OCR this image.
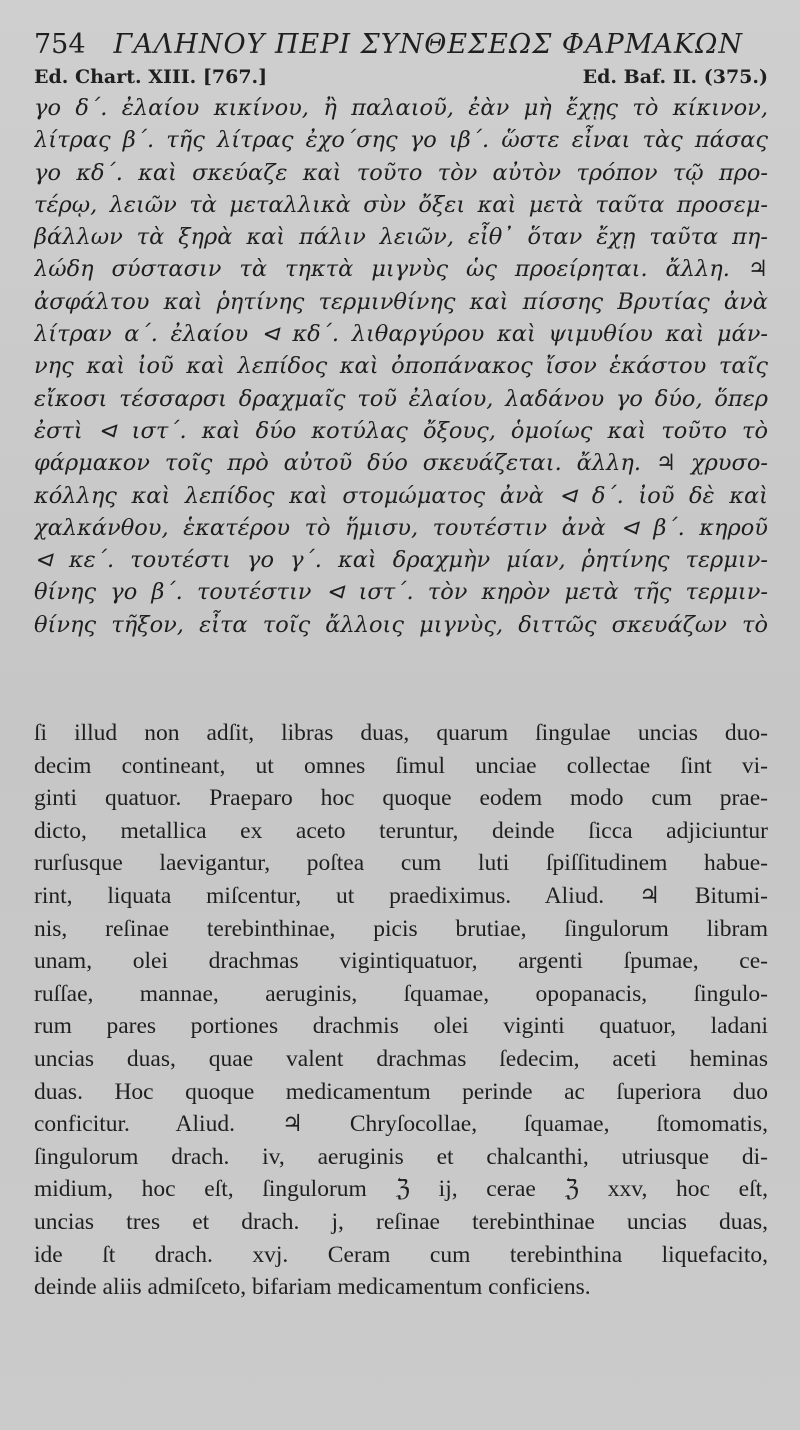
754 ΓΑΛΗΝΟΥ ΠΕΡΙ ΣΥΝΘΕΣΕΩΣ ΦΑΡΜΑΚΩΝ
Ed. Chart. XIII. [767.]	Ed. Baf. II. (375.)
γο δ΄. ἐλαίου κικίνου, ἢ παλαιοῦ, ἐὰν μὴ ἔχῃς τὸ κίκινον,
λίτρας β΄. τῆς λίτρας ἐχο΄σης γο ιβ΄. ὥστε εἶναι τὰς πάσας
γο κδ΄. καὶ σκεύαζε καὶ τοῦτο τὸν αὐτὸν τρόπον τῷ προ-
τέρῳ, λειῶν τὰ μεταλλικὰ σὺν ὄξει καὶ μετὰ ταῦτα προσεμ-
βάλλων τὰ ξηρὰ καὶ πάλιν λειῶν, εἶθ᾽ ὅταν ἔχῃ ταῦτα πη-
λώδη σύστασιν τὰ τηκτὰ μιγνὺς ὡς προείρηται. ἄλλη. ♃
ἀσφάλτου καὶ ῥητίνης τερμινθίνης καὶ πίσσης Βρυτίας ἀνὰ
λίτραν α΄. ἐλαίου ⊲ κδ΄. λιθαργύρου καὶ ψιμυθίου καὶ μάν-
νης καὶ ἰοῦ καὶ λεπίδος καὶ ὀποπάνακος ἴσον ἑκάστου ταῖς
εἴκοσι τέσσαρσι δραχμαῖς τοῦ ἐλαίου, λαδάνου γο δύο, ὅπερ
ἐστὶ ⊲ ιστ΄. καὶ δύο κοτύλας ὄξους, ὁμοίως καὶ τοῦτο τὸ
φάρμακον τοῖς πρὸ αὐτοῦ δύο σκευάζεται. ἄλλη. ♃ χρυσο-
κόλλης καὶ λεπίδος καὶ στομώματος ἀνὰ ⊲ δ΄. ἰοῦ δὲ καὶ
χαλκάνθου, ἑκατέρου τὸ ἥμισυ, τουτέστιν ἀνὰ ⊲ β΄. κηροῦ
⊲ κε΄. τουτέστι γο γ΄. καὶ δραχμὴν μίαν, ῥητίνης τερμιν-
θίνης γο β΄. τουτέστιν ⊲ ιστ΄. τὸν κηρὸν μετὰ τῆς τερμιν-
θίνης τῆξον, εἶτα τοῖς ἄλλοις μιγνὺς, διττῶς σκευάζων τὸ
ſi illud non adſit, libras duas, quarum ſingulae uncias duo-
decim contineant, ut omnes ſimul unciae collectae ſint vi-
ginti quatuor. Praeparo hoc quoque eodem modo cum prae-
dicto, metallica ex aceto teruntur, deinde ſicca adjiciuntur
rurſusque laevigantur, poſtea cum luti ſpiſſitudinem habue-
rint, liquata miſcentur, ut praediximus. Aliud. ♃ Bitumi-
nis, reſinae terebinthinae, picis brutiae, ſingulorum libram
unam, olei drachmas vigintiquatuor, argenti ſpumae, ce-
ruſſae, mannae, aeruginis, ſquamae, opopanacis, ſingulo-
rum pares portiones drachmis olei viginti quatuor, ladani
uncias duas, quae valent drachmas ſedecim, aceti heminas
duas. Hoc quoque medicamentum perinde ac ſuperiora duo
conficitur. Aliud. ♃ Chryſocollae, ſquamae, ſtomomatis,
ſingulorum drach. iv, aeruginis et chalcanthi, utriusque di-
midium, hoc eſt, ſingulorum ℨ ij, cerae ℨ xxv, hoc eſt,
uncias tres et drach. j, reſinae terebinthinae uncias duas,
ide ſt drach. xvj. Ceram cum terebinthina liquefacito,
deinde aliis admiſceto, bifariam medicamentum conficiens.
